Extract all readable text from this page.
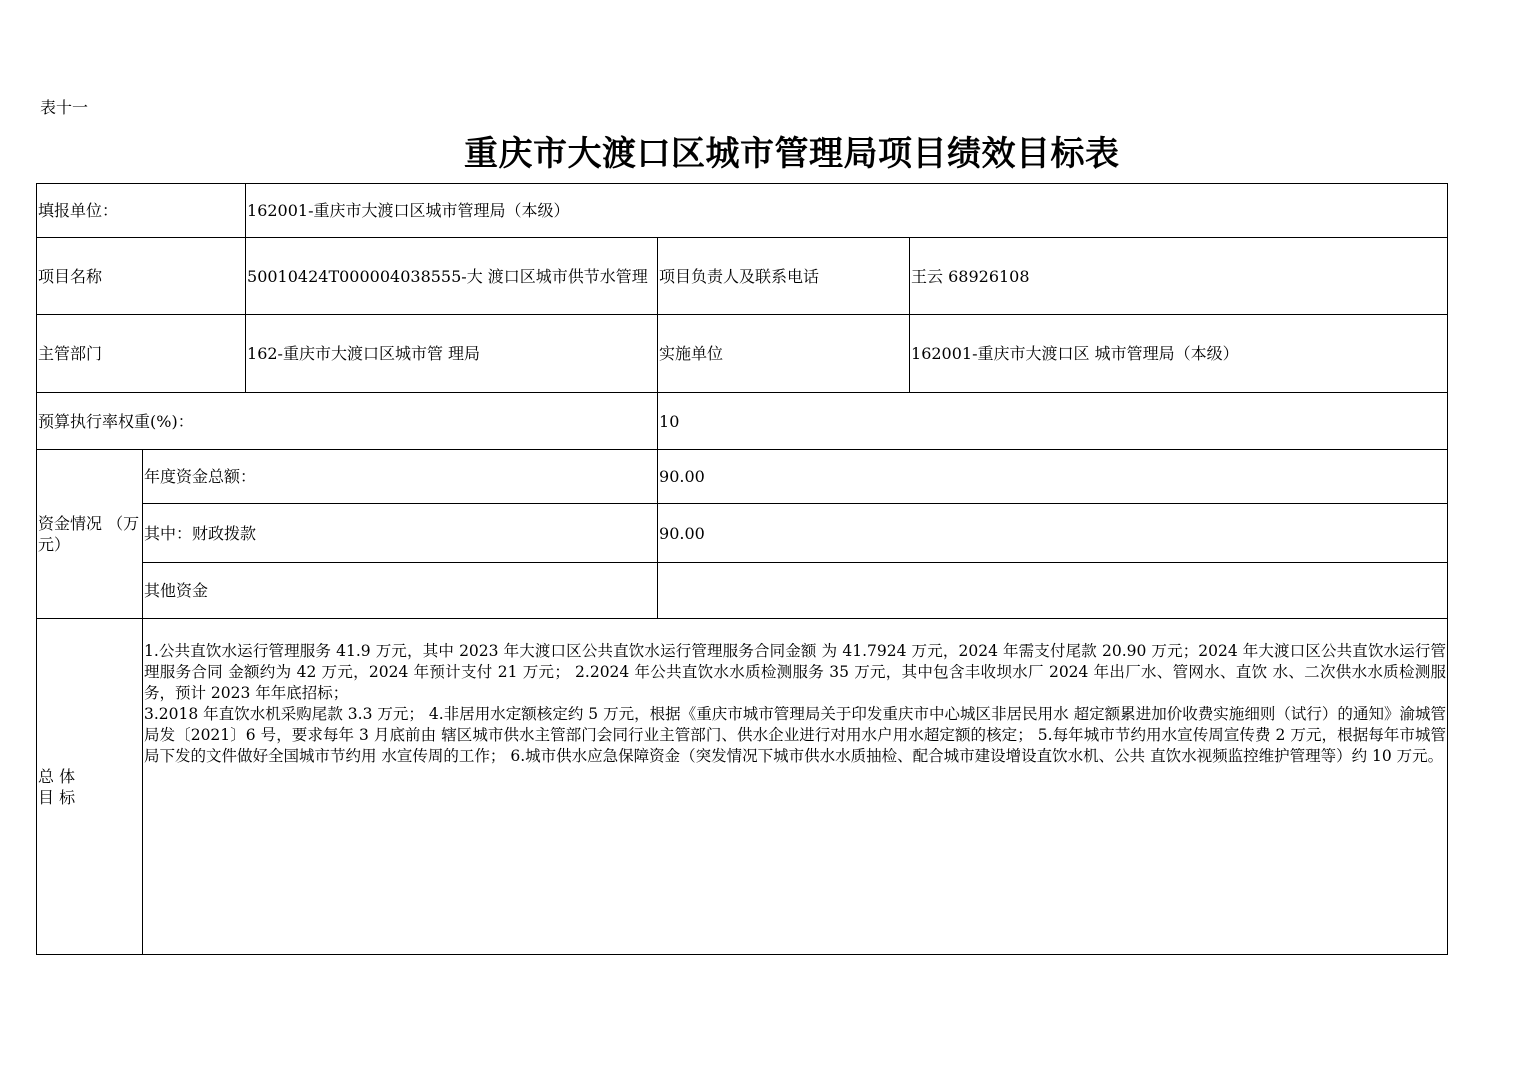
表十一
重庆市大渡口区城市管理局项目绩效目标表
填报单位：		162001-重庆市大渡口区城市管理局（本级）		
项目名称		50010424T000004038555-大 渡口区城市供节水管理	项目负责人及联系电话	王云 68926108
主管部门		162-重庆市大渡口区城市管 理局	实施单位	162001-重庆市大渡口区 城市管理局（本级）
预算执行率权重(%)：			10	
资金情况 （万元）	年度资金总额：		90.00	
	其中：财政拨款		90.00	
	其他资金			

总 体
目 标	1.公共直饮水运行管理服务 41.9 万元，其中 2023 年大渡口区公共直饮水运行管理服务合同金额 为 41.7924 万元，2024 年需支付尾款 20.90 万元；2024 年大渡口区公共直饮水运行管理服务合同 金额约为 42 万元，2024 年预计支付 21 万元； 2.2024 年公共直饮水水质检测服务 35 万元，其中包含丰收坝水厂 2024 年出厂水、管网水、直饮 水、二次供水水质检测服务，预计 2023 年年底招标；
3.2018 年直饮水机采购尾款 3.3 万元； 4.非居用水定额核定约 5 万元，根据《重庆市城市管理局关于印发重庆市中心城区非居民用水 超定额累进加价收费实施细则（试行）的通知》渝城管局发〔2021〕6 号，要求每年 3 月底前由 辖区城市供水主管部门会同行业主管部门、供水企业进行对用水户用水超定额的核定； 5.每年城市节约用水宣传周宣传费 2 万元，根据每年市城管局下发的文件做好全国城市节约用 水宣传周的工作； 6.城市供水应急保障资金（突发情况下城市供水水质抽检、配合城市建设增设直饮水机、公共 直饮水视频监控维护管理等）约 10 万元。			
